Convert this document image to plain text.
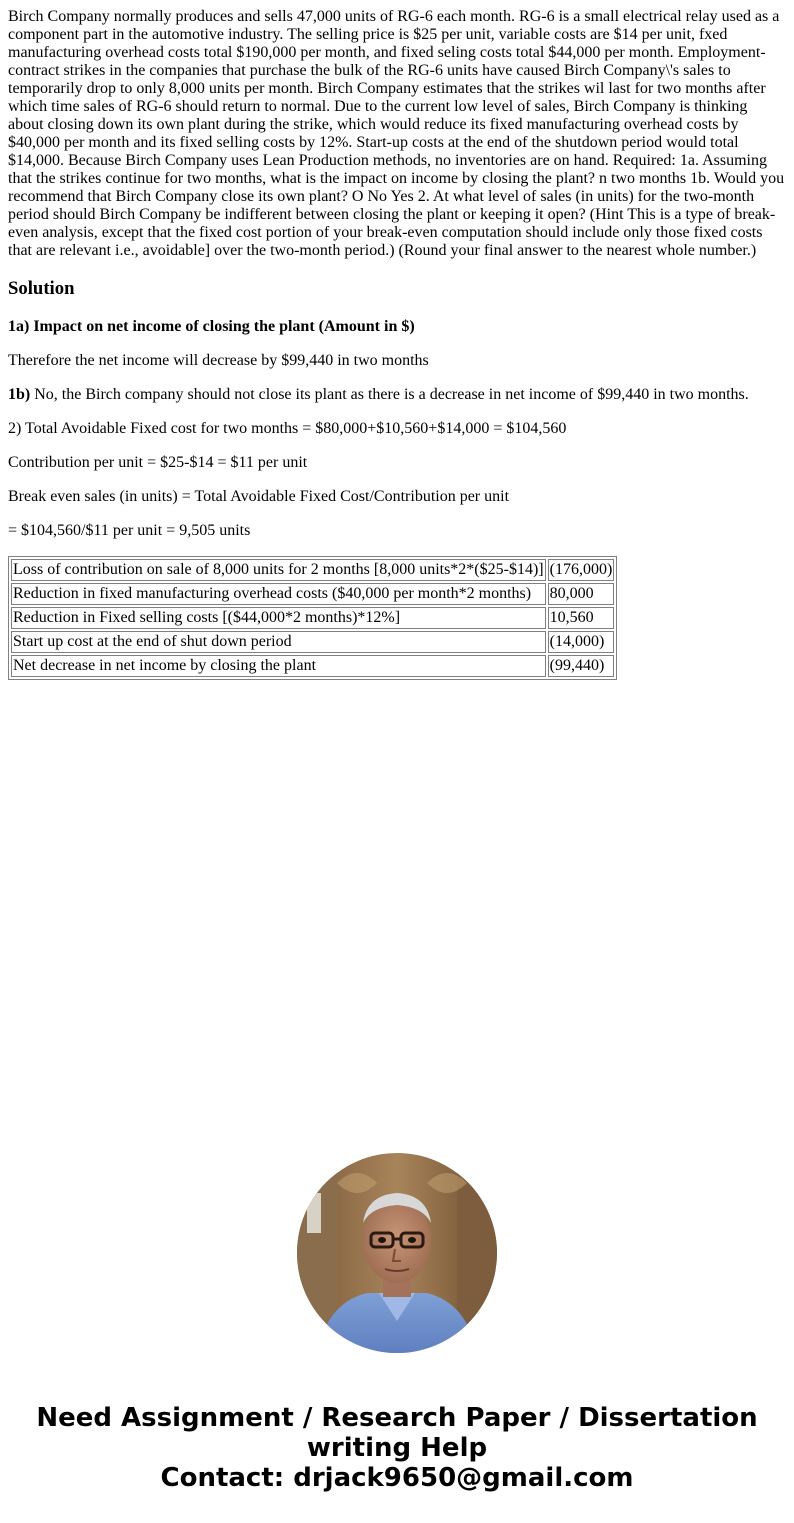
Birch Company normally produces and sells 47,000 units of RG-6 each month. RG-6 is a small electrical relay used as a component part in the automotive industry. The selling price is $25 per unit, variable costs are $14 per unit, fxed manufacturing overhead costs total $190,000 per month, and fixed seling costs total $44,000 per month. Employment-contract strikes in the companies that purchase the bulk of the RG-6 units have caused Birch Company\'s sales to temporarily drop to only 8,000 units per month. Birch Company estimates that the strikes wil last for two months after which time sales of RG-6 should return to normal. Due to the current low level of sales, Birch Company is thinking about closing down its own plant during the strike, which would reduce its fixed manufacturing overhead costs by $40,000 per month and its fixed selling costs by 12%. Start-up costs at the end of the shutdown period would total $14,000. Because Birch Company uses Lean Production methods, no inventories are on hand. Required: 1a. Assuming that the strikes continue for two months, what is the impact on income by closing the plant? n two months 1b. Would you recommend that Birch Company close its own plant? O No Yes 2. At what level of sales (in units) for the two-month period should Birch Company be indifferent between closing the plant or keeping it open? (Hint This is a type of break-even analysis, except that the fixed cost portion of your break-even computation should include only those fixed costs that are relevant i.e., avoidable] over the two-month period.) (Round your final answer to the nearest whole number.)

Solution

1a) Impact on net income of closing the plant (Amount in $)

Therefore the net income will decrease by $99,440 in two months

1b) No, the Birch company should not close its plant as there is a decrease in net income of $99,440 in two months.

2) Total Avoidable Fixed cost for two months = $80,000+$10,560+$14,000 = $104,560

Contribution per unit = $25-$14 = $11 per unit

Break even sales (in units) = Total Avoidable Fixed Cost/Contribution per unit

= $104,560/$11 per unit = 9,505 units

Loss of contribution on sale of 8,000 units for 2 months [8,000 units*2*($25-$14)]	(176,000)
Reduction in fixed manufacturing overhead costs ($40,000 per month*2 months)	80,000
Reduction in Fixed selling costs [($44,000*2 months)*12%]	10,560
Start up cost at the end of shut down period	(14,000)
Net decrease in net income by closing the plant	(99,440)
Need Assignment / Research Paper / Dissertation
writing Help
Contact: drjack9650@gmail.com
